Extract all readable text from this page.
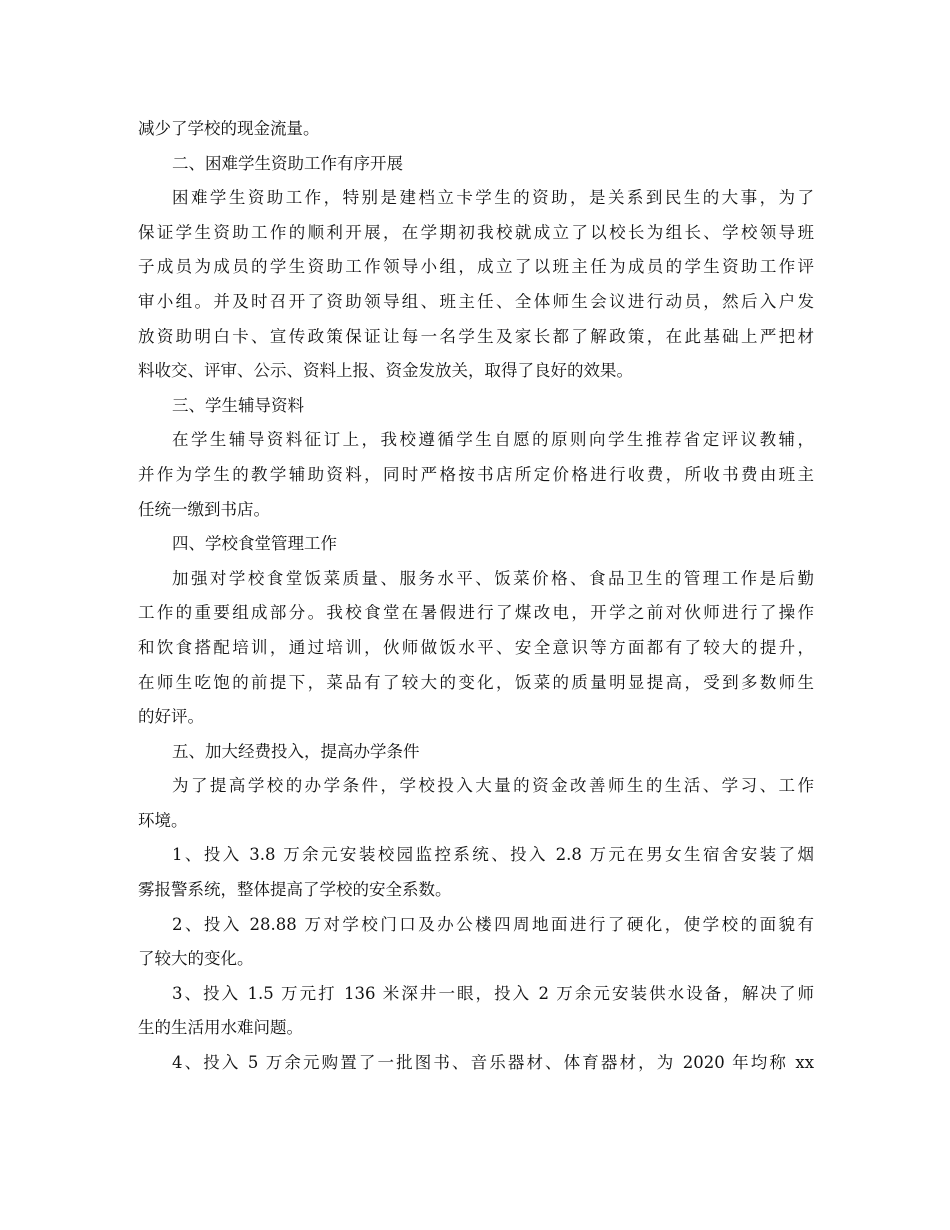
减少了学校的现金流量。
二、困难学生资助工作有序开展
困难学生资助工作，特别是建档立卡学生的资助，是关系到民生的大事，为了
保证学生资助工作的顺利开展，在学期初我校就成立了以校长为组长、学校领导班
子成员为成员的学生资助工作领导小组，成立了以班主任为成员的学生资助工作评
审小组。并及时召开了资助领导组、班主任、全体师生会议进行动员，然后入户发
放资助明白卡、宣传政策保证让每一名学生及家长都了解政策，在此基础上严把材
料收交、评审、公示、资料上报、资金发放关，取得了良好的效果。
三、学生辅导资料
在学生辅导资料征订上，我校遵循学生自愿的原则向学生推荐省定评议教辅，
并作为学生的教学辅助资料，同时严格按书店所定价格进行收费，所收书费由班主
任统一缴到书店。
四、学校食堂管理工作
加强对学校食堂饭菜质量、服务水平、饭菜价格、食品卫生的管理工作是后勤
工作的重要组成部分。我校食堂在暑假进行了煤改电，开学之前对伙师进行了操作
和饮食搭配培训，通过培训，伙师做饭水平、安全意识等方面都有了较大的提升，
在师生吃饱的前提下，菜品有了较大的变化，饭菜的质量明显提高，受到多数师生
的好评。
五、加大经费投入，提高办学条件
为了提高学校的办学条件，学校投入大量的资金改善师生的生活、学习、工作
环境。
1、投入 3.8 万余元安装校园监控系统、投入 2.8 万元在男女生宿舍安装了烟
雾报警系统，整体提高了学校的安全系数。
2、投入 28.88 万对学校门口及办公楼四周地面进行了硬化，使学校的面貌有
了较大的变化。
3、投入 1.5 万元打 136 米深井一眼，投入 2 万余元安装供水设备，解决了师
生的生活用水难问题。
4、投入 5 万余元购置了一批图书、音乐器材、体育器材，为 2020 年均称 xx
